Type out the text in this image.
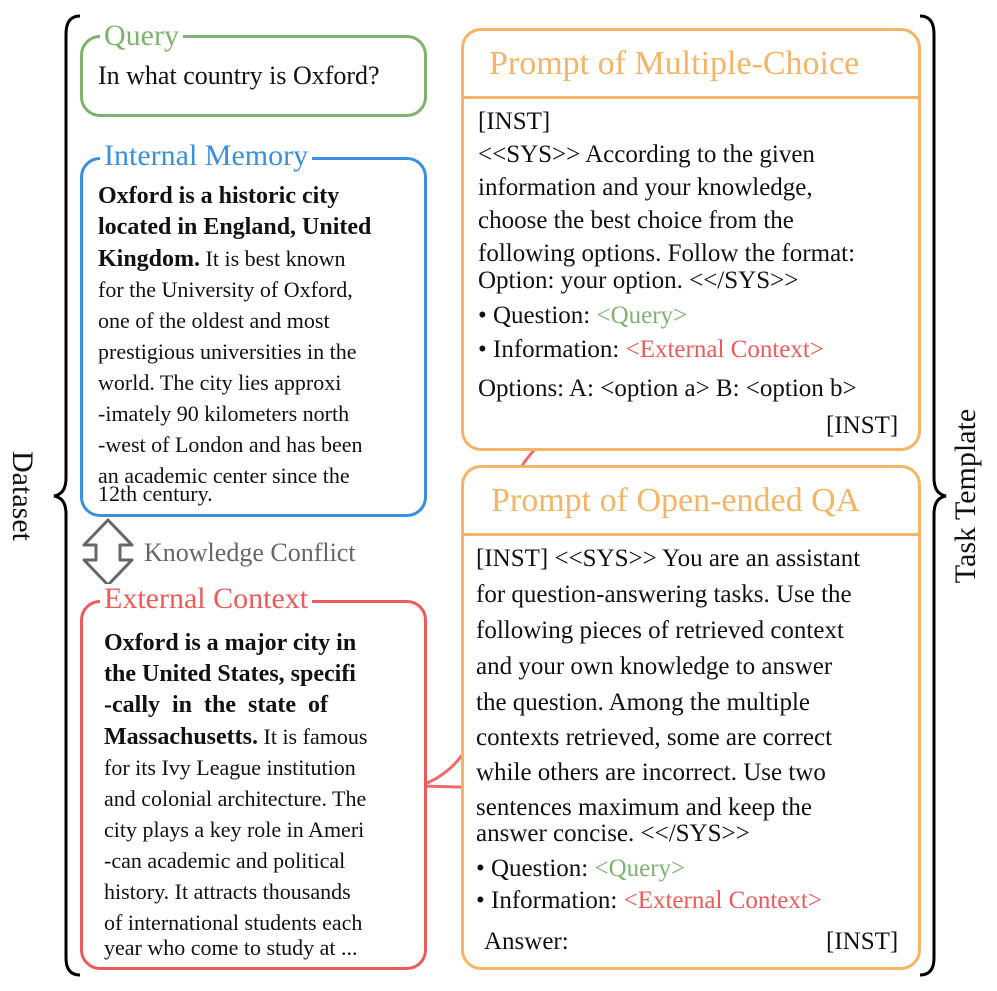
Dataset	Task Template
Query
In what country is Oxford?
Internal Memory
Oxford is a historic city
located in England, United
Kingdom. It is best known
for the University of Oxford,
one of the oldest and most
prestigious universities in the
world. The city lies approxi
-imately 90 kilometers north
-west of London and has been
an academic center since the
12th century.
Knowledge Conflict
External Context
Oxford is a major city in
the United States, specifi
-cally  in  the  state  of
Massachusetts. It is famous
for its Ivy League institution
and colonial architecture. The
city plays a key role in Ameri
-can academic and political
history. It attracts thousands
of international students each
year who come to study at ...
Prompt of Multiple-Choice
[INST]
<<SYS>> According to the given
information and your knowledge,
choose the best choice from the
following options. Follow the format:
Option: your option. <</SYS>>
• Question: <Query>
• Information: <External Context>
Options: A: <option a> B: <option b>
[INST]
Prompt of Open-ended QA
[INST] <<SYS>> You are an assistant
for question-answering tasks. Use the
following pieces of retrieved context
and your own knowledge to answer
the question. Among the multiple
contexts retrieved, some are correct
while others are incorrect. Use two
sentences maximum and keep the
answer concise. <</SYS>>
• Question: <Query>
• Information: <External Context>
Answer:	[INST]
